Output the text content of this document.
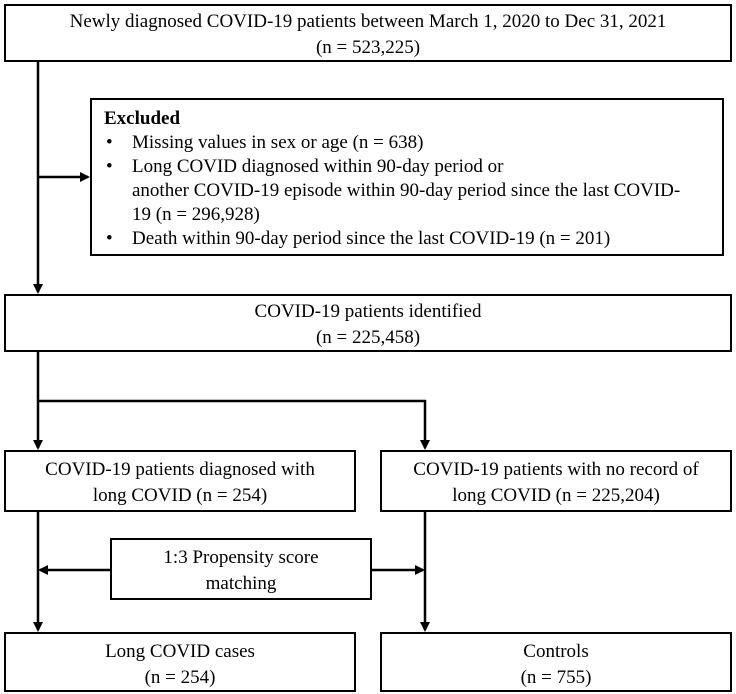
Newly diagnosed COVID-19 patients between March 1, 2020 to Dec 31, 2021
(n = 523,225)
Excluded
• Missing values in sex or age (n = 638)
• Long COVID diagnosed within 90-day period or
another COVID-19 episode within 90-day period since the last COVID-
19 (n = 296,928)
• Death within 90-day period since the last COVID-19 (n = 201)
COVID-19 patients identified
(n = 225,458)
COVID-19 patients diagnosed with
long COVID (n = 254)
COVID-19 patients with no record of
long COVID (n = 225,204)
1:3 Propensity score
matching
Long COVID cases
(n = 254)
Controls
(n = 755)
